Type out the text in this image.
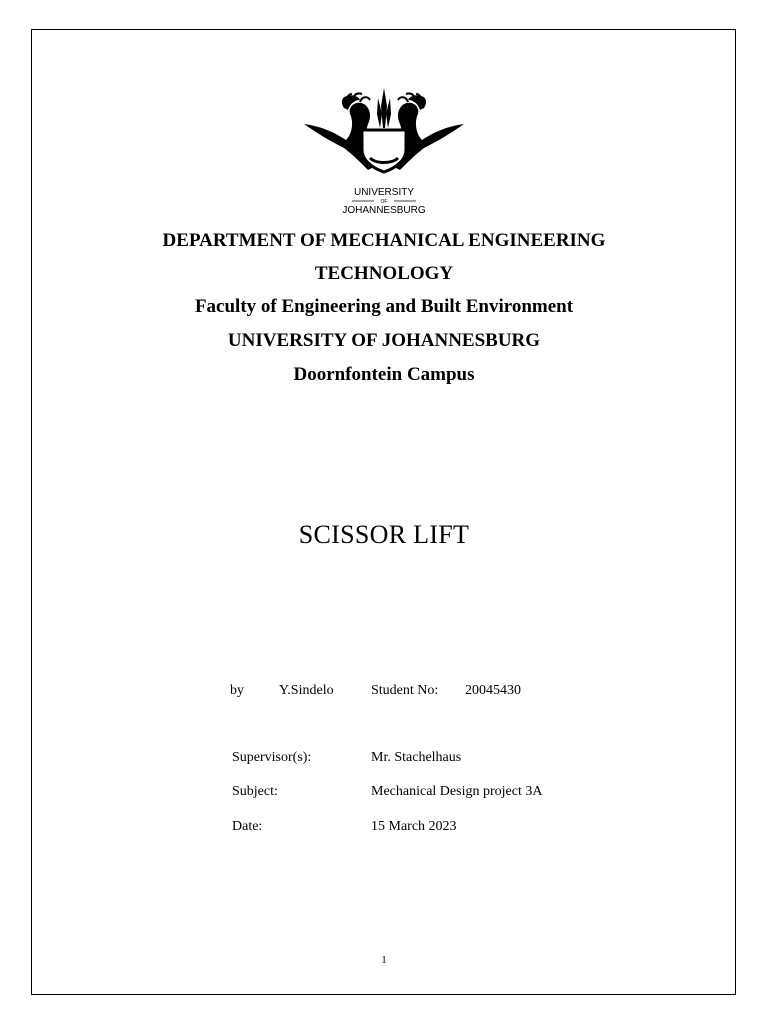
UNIVERSITY
OF
JOHANNESBURG
DEPARTMENT OF MECHANICAL ENGINEERING
TECHNOLOGY
Faculty of Engineering and Built Environment
UNIVERSITY OF JOHANNESBURG
Doornfontein Campus
SCISSOR LIFT
by	Y.Sindelo	Student No: 20045430
Supervisor(s):	Mr. Stachelhaus
Subject:	Mechanical Design project 3A
Date:	15 March 2023
1
